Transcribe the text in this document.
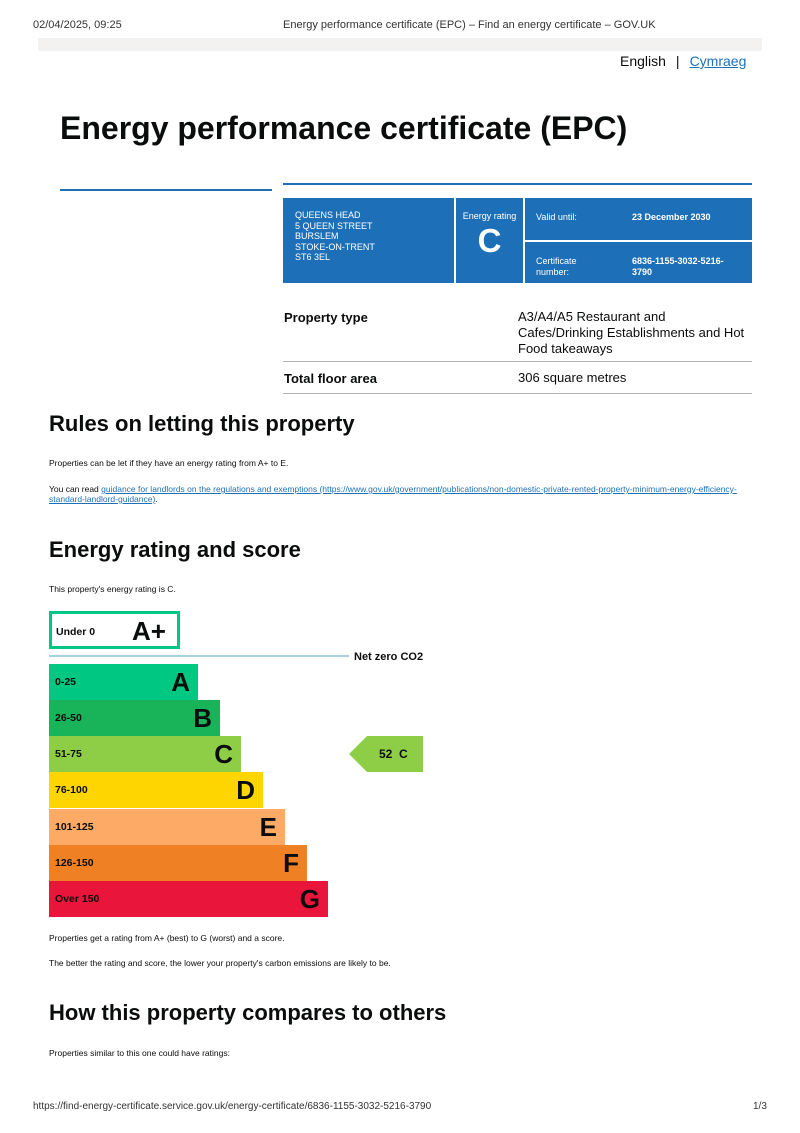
02/04/2025, 09:25	Energy performance certificate (EPC) – Find an energy certificate – GOV.UK
English | Cymraeg
Energy performance certificate (EPC)
QUEENS HEAD
5 QUEEN STREET
BURSLEM
STOKE-ON-TRENT
ST6 3EL
Energy rating
C
Valid until:	23 December 2030
Certificate
number:
6836-1155-3032-5216-
3790
Property type	A3/A4/A5 Restaurant and Cafes/Drinking Establishments and Hot Food takeaways
Total floor area	306 square metres
Rules on letting this property
Properties can be let if they have an energy rating from A+ to E.
You can read guidance for landlords on the regulations and exemptions (https://www.gov.uk/government/publications/non-domestic-private-rented-property-minimum-energy-efficiency-standard-landlord-guidance).
Energy rating and score
This property's energy rating is C.
Under 0 A+
Net zero CO2
0-25	A
26-50	B
51-75	C
76-100	D
101-125	E
126-150	F
Over 150	G
52 C
Properties get a rating from A+ (best) to G (worst) and a score.
The better the rating and score, the lower your property's carbon emissions are likely to be.
How this property compares to others
Properties similar to this one could have ratings:
https://find-energy-certificate.service.gov.uk/energy-certificate/6836-1155-3032-5216-3790	1/3
